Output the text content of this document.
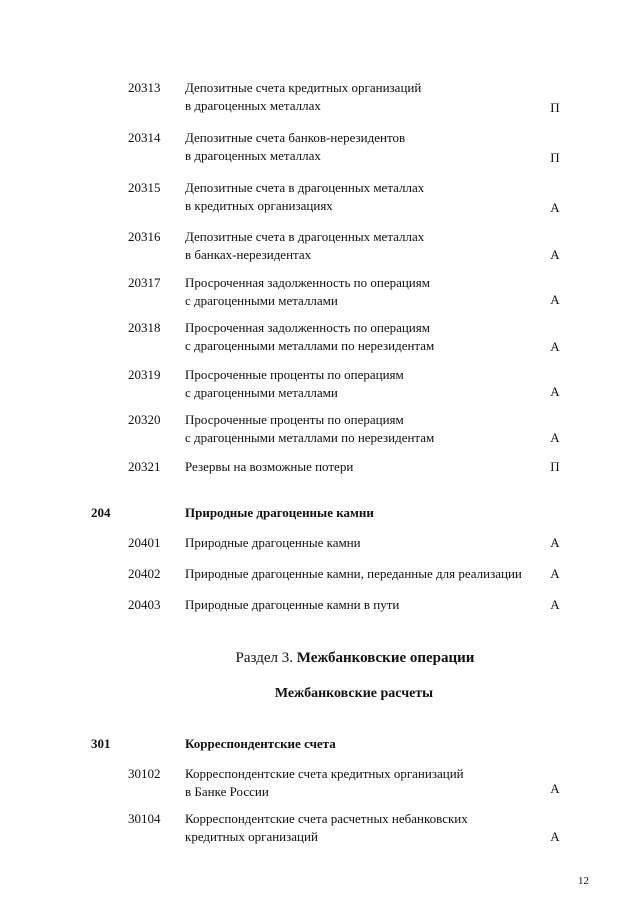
20313 Депозитные счета кредитных организаций
в драгоценных металлах	П
20314 Депозитные счета банков-нерезидентов
в драгоценных металлах	П
20315 Депозитные счета в драгоценных металлах
в кредитных организациях	А
20316 Депозитные счета в драгоценных металлах
в банках-нерезидентах	А
20317 Просроченная задолженность по операциям
с драгоценными металлами	А
20318 Просроченная задолженность по операциям
с драгоценными металлами по нерезидентам	А
20319 Просроченные проценты по операциям
с драгоценными металлами	А
20320 Просроченные проценты по операциям
с драгоценными металлами по нерезидентам	А
20321 Резервы на возможные потери	П
204	Природные драгоценные камни
20401 Природные драгоценные камни	А
20402 Природные драгоценные камни, переданные для реализации	А
20403 Природные драгоценные камни в пути	А
Раздел 3. Межбанковские операции
Межбанковские расчеты
301	Корреспондентские счета
30102 Корреспондентские счета кредитных организаций
в Банке России	А
30104 Корреспондентские счета расчетных небанковских
кредитных организаций	А
12
